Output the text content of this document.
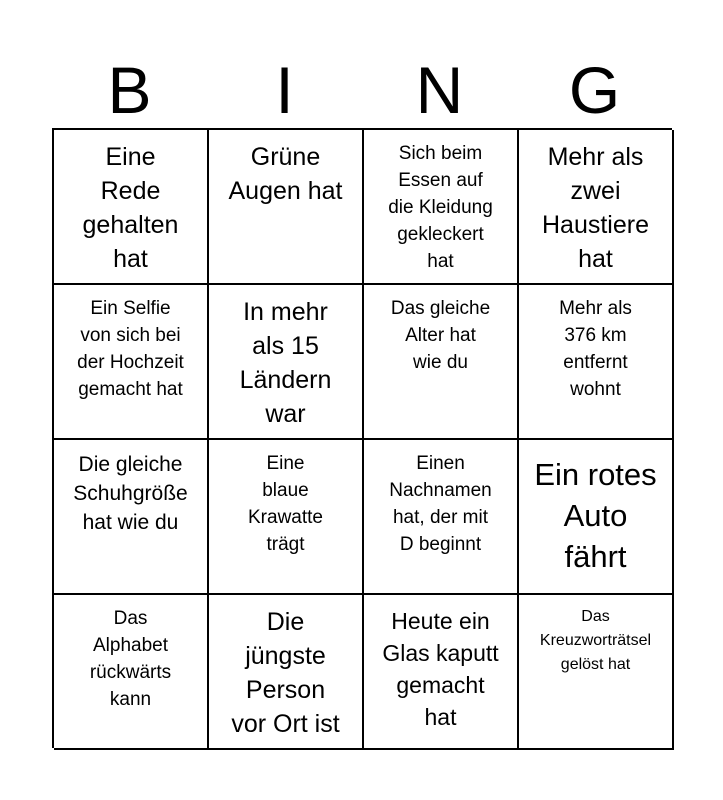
B	I	N	G
Eine
Rede
gehalten
hat
Grüne
Augen hat
Sich beim
Essen auf
die Kleidung
gekleckert
hat
Mehr als
zwei
Haustiere
hat
Ein Selfie
von sich bei
der Hochzeit
gemacht hat
In mehr
als 15
Ländern
war
Das gleiche
Alter hat
wie du
Mehr als
376 km
entfernt
wohnt
Die gleiche
Schuhgröße
hat wie du
Eine
blaue
Krawatte
trägt
Einen
Nachnamen
hat, der mit
D beginnt
Ein rotes
Auto
fährt
Das
Alphabet
rückwärts
kann
Die
jüngste
Person
vor Ort ist
Heute ein
Glas kaputt
gemacht
hat
Das
Kreuzworträtsel
gelöst hat
